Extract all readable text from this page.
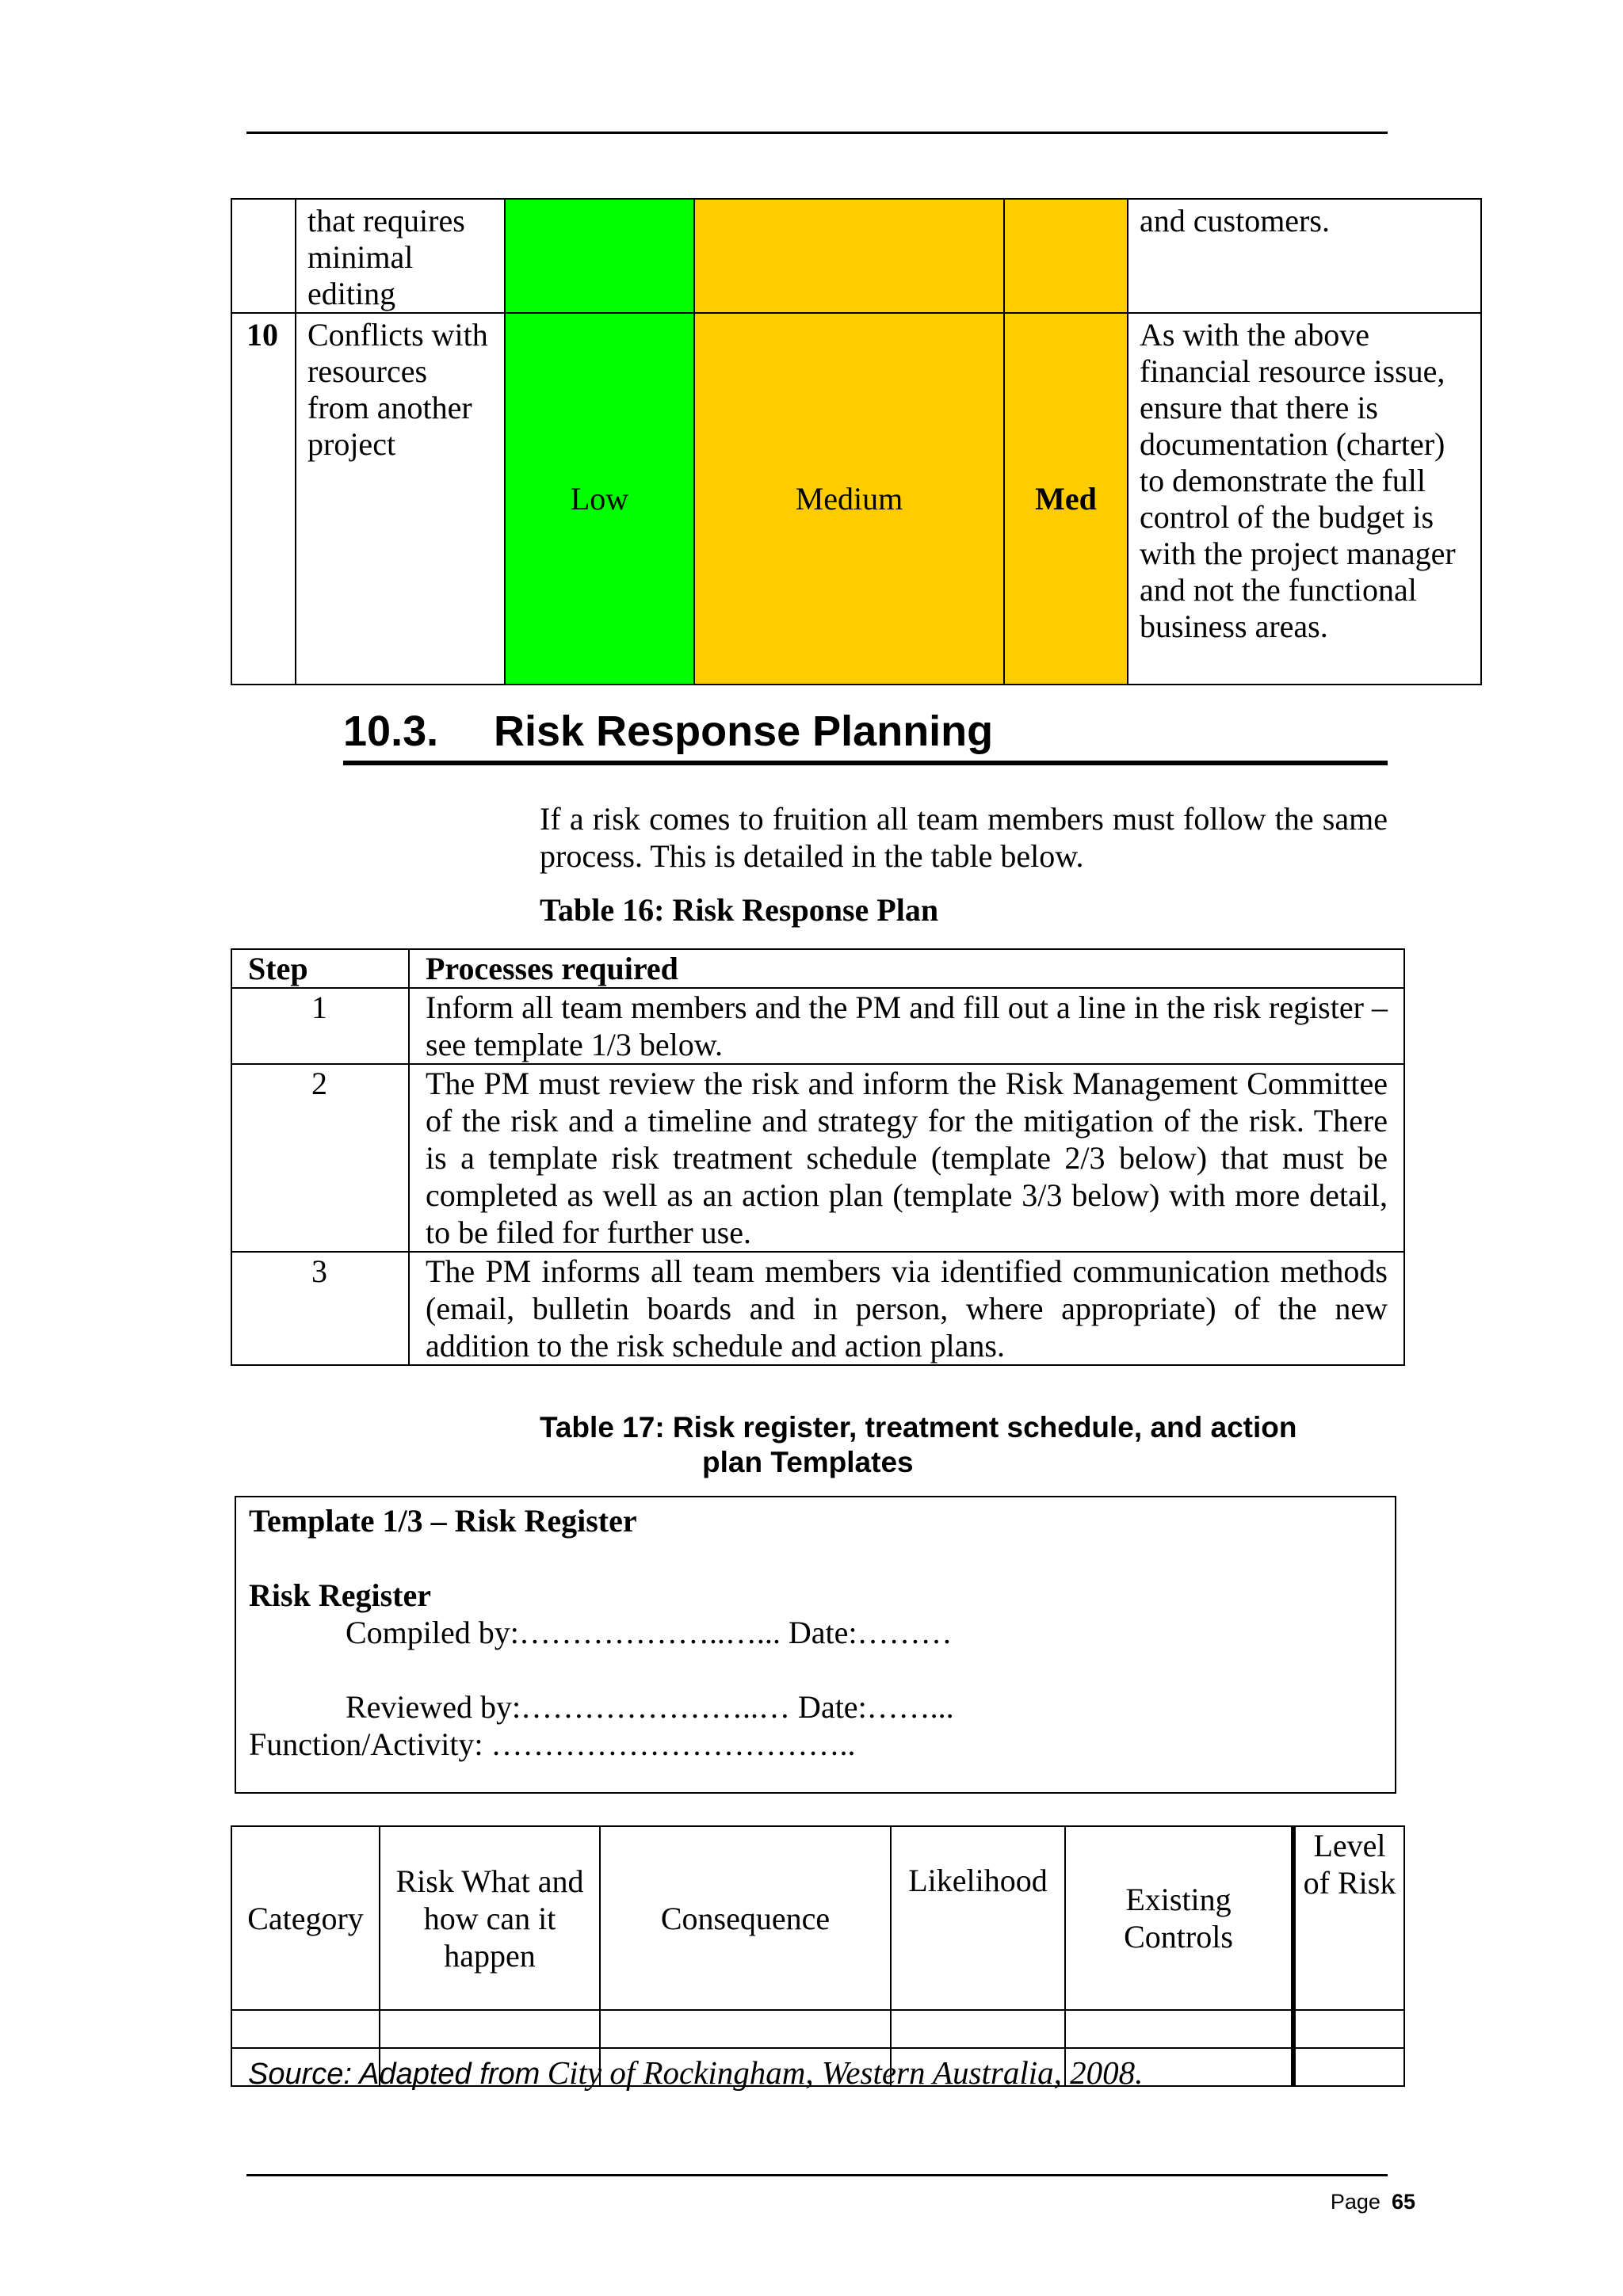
	that requires minimal editing				and customers.
10	Conflicts with resources from another project	Low	Medium	Med	As with the above financial resource issue, ensure that there is documentation (charter) to demonstrate the full control of the budget is with the project manager and not the functional business areas.
10.3. Risk Response Planning

If a risk comes to fruition all team members must follow the same process. This is detailed in the table below.

Table 16: Risk Response Plan

Step	Processes required
1	Inform all team members and the PM and fill out a line in the risk register – see template 1/3 below.
2	The PM must review the risk and inform the Risk Management Committee of the risk and a timeline and strategy for the mitigation of the risk. There is a template risk treatment schedule (template 2/3 below) that must be completed as well as an action plan (template 3/3 below) with more detail, to be filed for further use.
3	The PM informs all team members via identified communication methods (email, bulletin boards and in person, where appropriate) of the new addition to the risk schedule and action plans.

Table 17: Risk register, treatment schedule, and action
plan Templates

Template 1/3 – Risk Register
Risk Register
Compiled by:………………..…... Date:………
Reviewed by:…………………..… Date:……...
Function/Activity: ……………………………..
Category	Risk What and how can it happen	Consequence	Likelihood	Existing Controls	Level of Risk

Source: Adapted from City of Rockingham, Western Australia, 2008.

Page 65
